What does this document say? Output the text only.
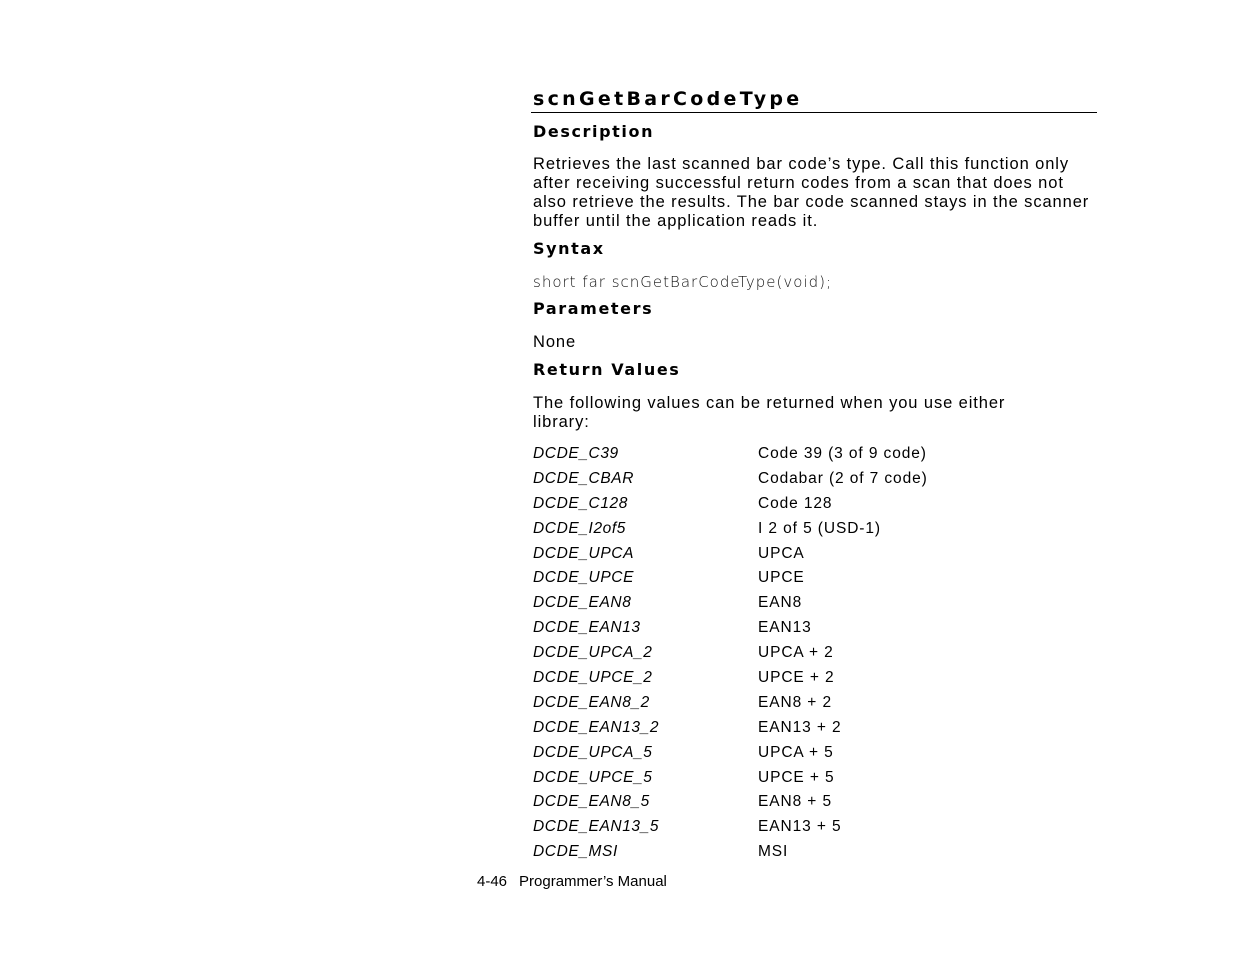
scnGetBarCodeType
Description
Retrieves the last scanned bar code’s type. Call this function only after receiving successful return codes from a scan that does not also retrieve the results. The bar code scanned stays in the scanner buffer until the application reads it.
Syntax
short far scnGetBarCodeType(void);
Parameters
None
Return Values
The following values can be returned when you use either library:
DCDE_C39	Code 39 (3 of 9 code)
DCDE_CBAR	Codabar (2 of 7 code)
DCDE_C128	Code 128
DCDE_I2of5	I 2 of 5 (USD-1)
DCDE_UPCA	UPCA
DCDE_UPCE	UPCE
DCDE_EAN8	EAN8
DCDE_EAN13	EAN13
DCDE_UPCA_2	UPCA + 2
DCDE_UPCE_2	UPCE + 2
DCDE_EAN8_2	EAN8 + 2
DCDE_EAN13_2	EAN13 + 2
DCDE_UPCA_5	UPCA + 5
DCDE_UPCE_5	UPCE + 5
DCDE_EAN8_5	EAN8 + 5
DCDE_EAN13_5	EAN13 + 5
DCDE_MSI	MSI
4-46 Programmer’s Manual
